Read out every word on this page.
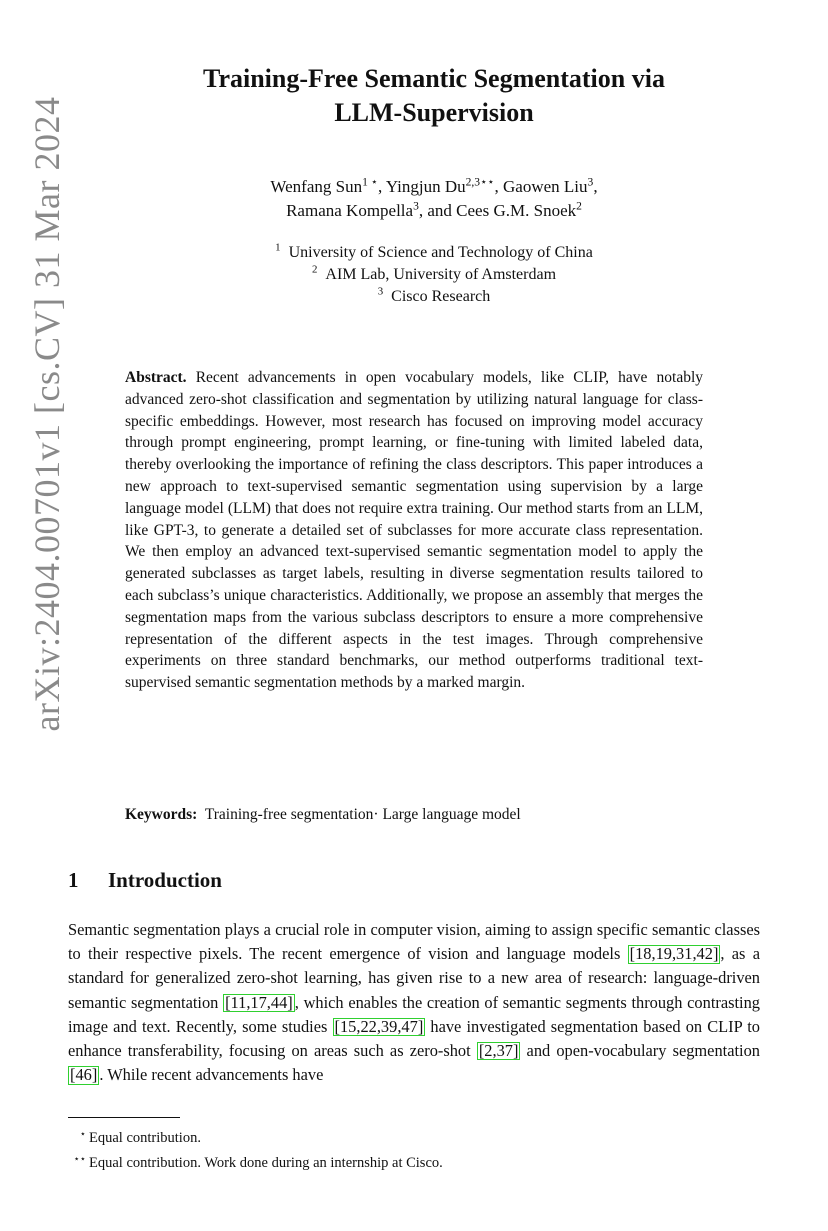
arXiv:2404.00701v1 [cs.CV] 31 Mar 2024
Training-Free Semantic Segmentation via
LLM-Supervision
Wenfang Sun$^{1 ⋆}$, Yingjun $Du^{2,3⋆⋆}$, Gaowen Liu$^3$,
Ramana Kompella$^3$, and Cees G.M. Snoek$^2$
$^1$ University of Science and Technology of China
$^2$ AIM Lab, University of Amsterdam
$^3$ Cisco Research
Abstract. Recent advancements in open vocabulary models, like CLIP, have notably advanced zero-shot classification and segmentation by utilizing natural language for class-specific embeddings. However, most research has focused on improving model accuracy through prompt engineering, prompt learning, or fine-tuning with limited labeled data, thereby overlooking the importance of refining the class descriptors. This paper introduces a new approach to text-supervised semantic segmentation using supervision by a large language model (LLM) that does not require extra training. Our method starts from an LLM, like GPT-3, to generate a detailed set of subclasses for more accurate class representation. We then employ an advanced text-supervised semantic segmentation model to apply the generated subclasses as target labels, resulting in diverse segmentation results tailored to each subclass’s unique characteristics. Additionally, we propose an assembly that merges the segmentation maps from the various subclass descriptors to ensure a more comprehensive representation of the different aspects in the test images. Through comprehensive experiments on three standard benchmarks, our method outperforms traditional text-supervised semantic segmentation methods by a marked margin.
Keywords: Training-free segmentation· Large language model
1 Introduction
Semantic segmentation plays a crucial role in computer vision, aiming to assign specific semantic classes to their respective pixels. The recent emergence of vision and language models [18,19,31,42] , as a standard for generalized zero-shot learning, has given rise to a new area of research: language-driven semantic segmentation [11,17,44] , which enables the creation of semantic segments through contrasting image and text. Recently, some studies [15,22,39,47] have investigated segmentation based on CLIP to enhance transferability, focusing on areas such as zero-shot [2,37] and open-vocabulary segmentation [46] . While recent advancements have
⋆ Equal contribution.
⋆⋆ Equal contribution. Work done during an internship at Cisco.
